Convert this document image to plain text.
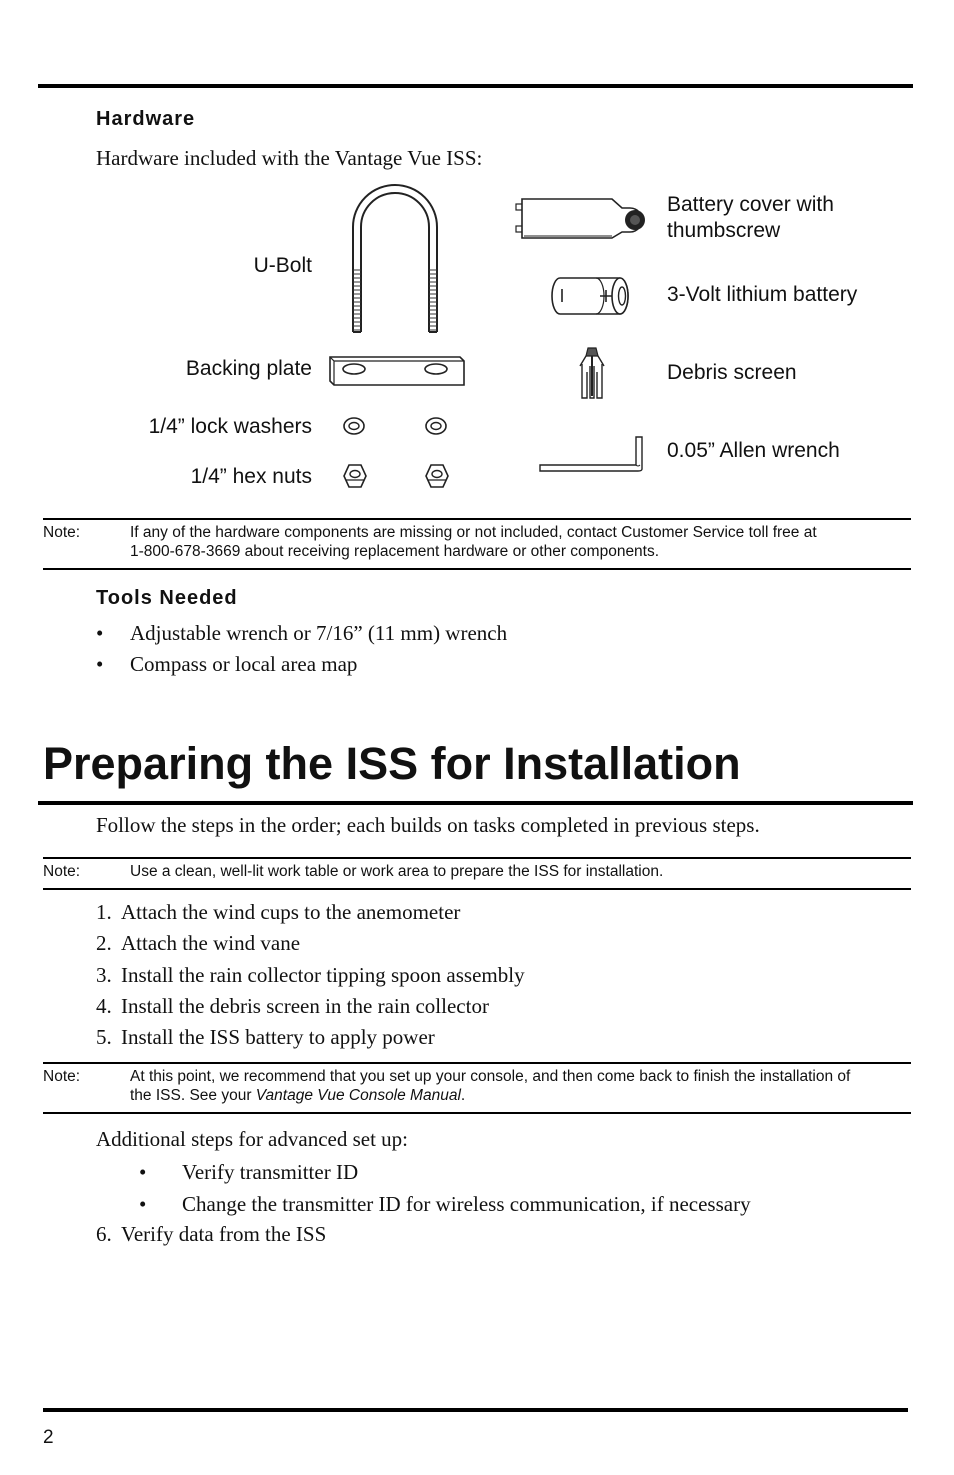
Hardware
Hardware included with the Vantage Vue ISS:
U-Bolt
Backing plate
1/4” lock washers
1/4” hex nuts
Battery cover with
thumbscrew
3-Volt lithium battery
Debris screen
0.05” Allen wrench
Note:	If any of the hardware components are missing or not included, contact Customer Service toll free at
1-800-678-3669 about receiving replacement hardware or other components.
Tools Needed
• Adjustable wrench or 7/16” (11 mm) wrench
• Compass or local area map
Preparing the ISS for Installation
Follow the steps in the order; each builds on tasks completed in previous steps.
Note:	Use a clean, well-lit work table or work area to prepare the ISS for installation.
1. Attach the wind cups to the anemometer
2. Attach the wind vane
3. Install the rain collector tipping spoon assembly
4. Install the debris screen in the rain collector
5. Install the ISS battery to apply power
Note:	At this point, we recommend that you set up your console, and then come back to finish the installation of
the ISS. See your Vantage Vue Console Manual.
Additional steps for advanced set up:
• Verify transmitter ID
• Change the transmitter ID for wireless communication, if necessary
6. Verify data from the ISS
2
